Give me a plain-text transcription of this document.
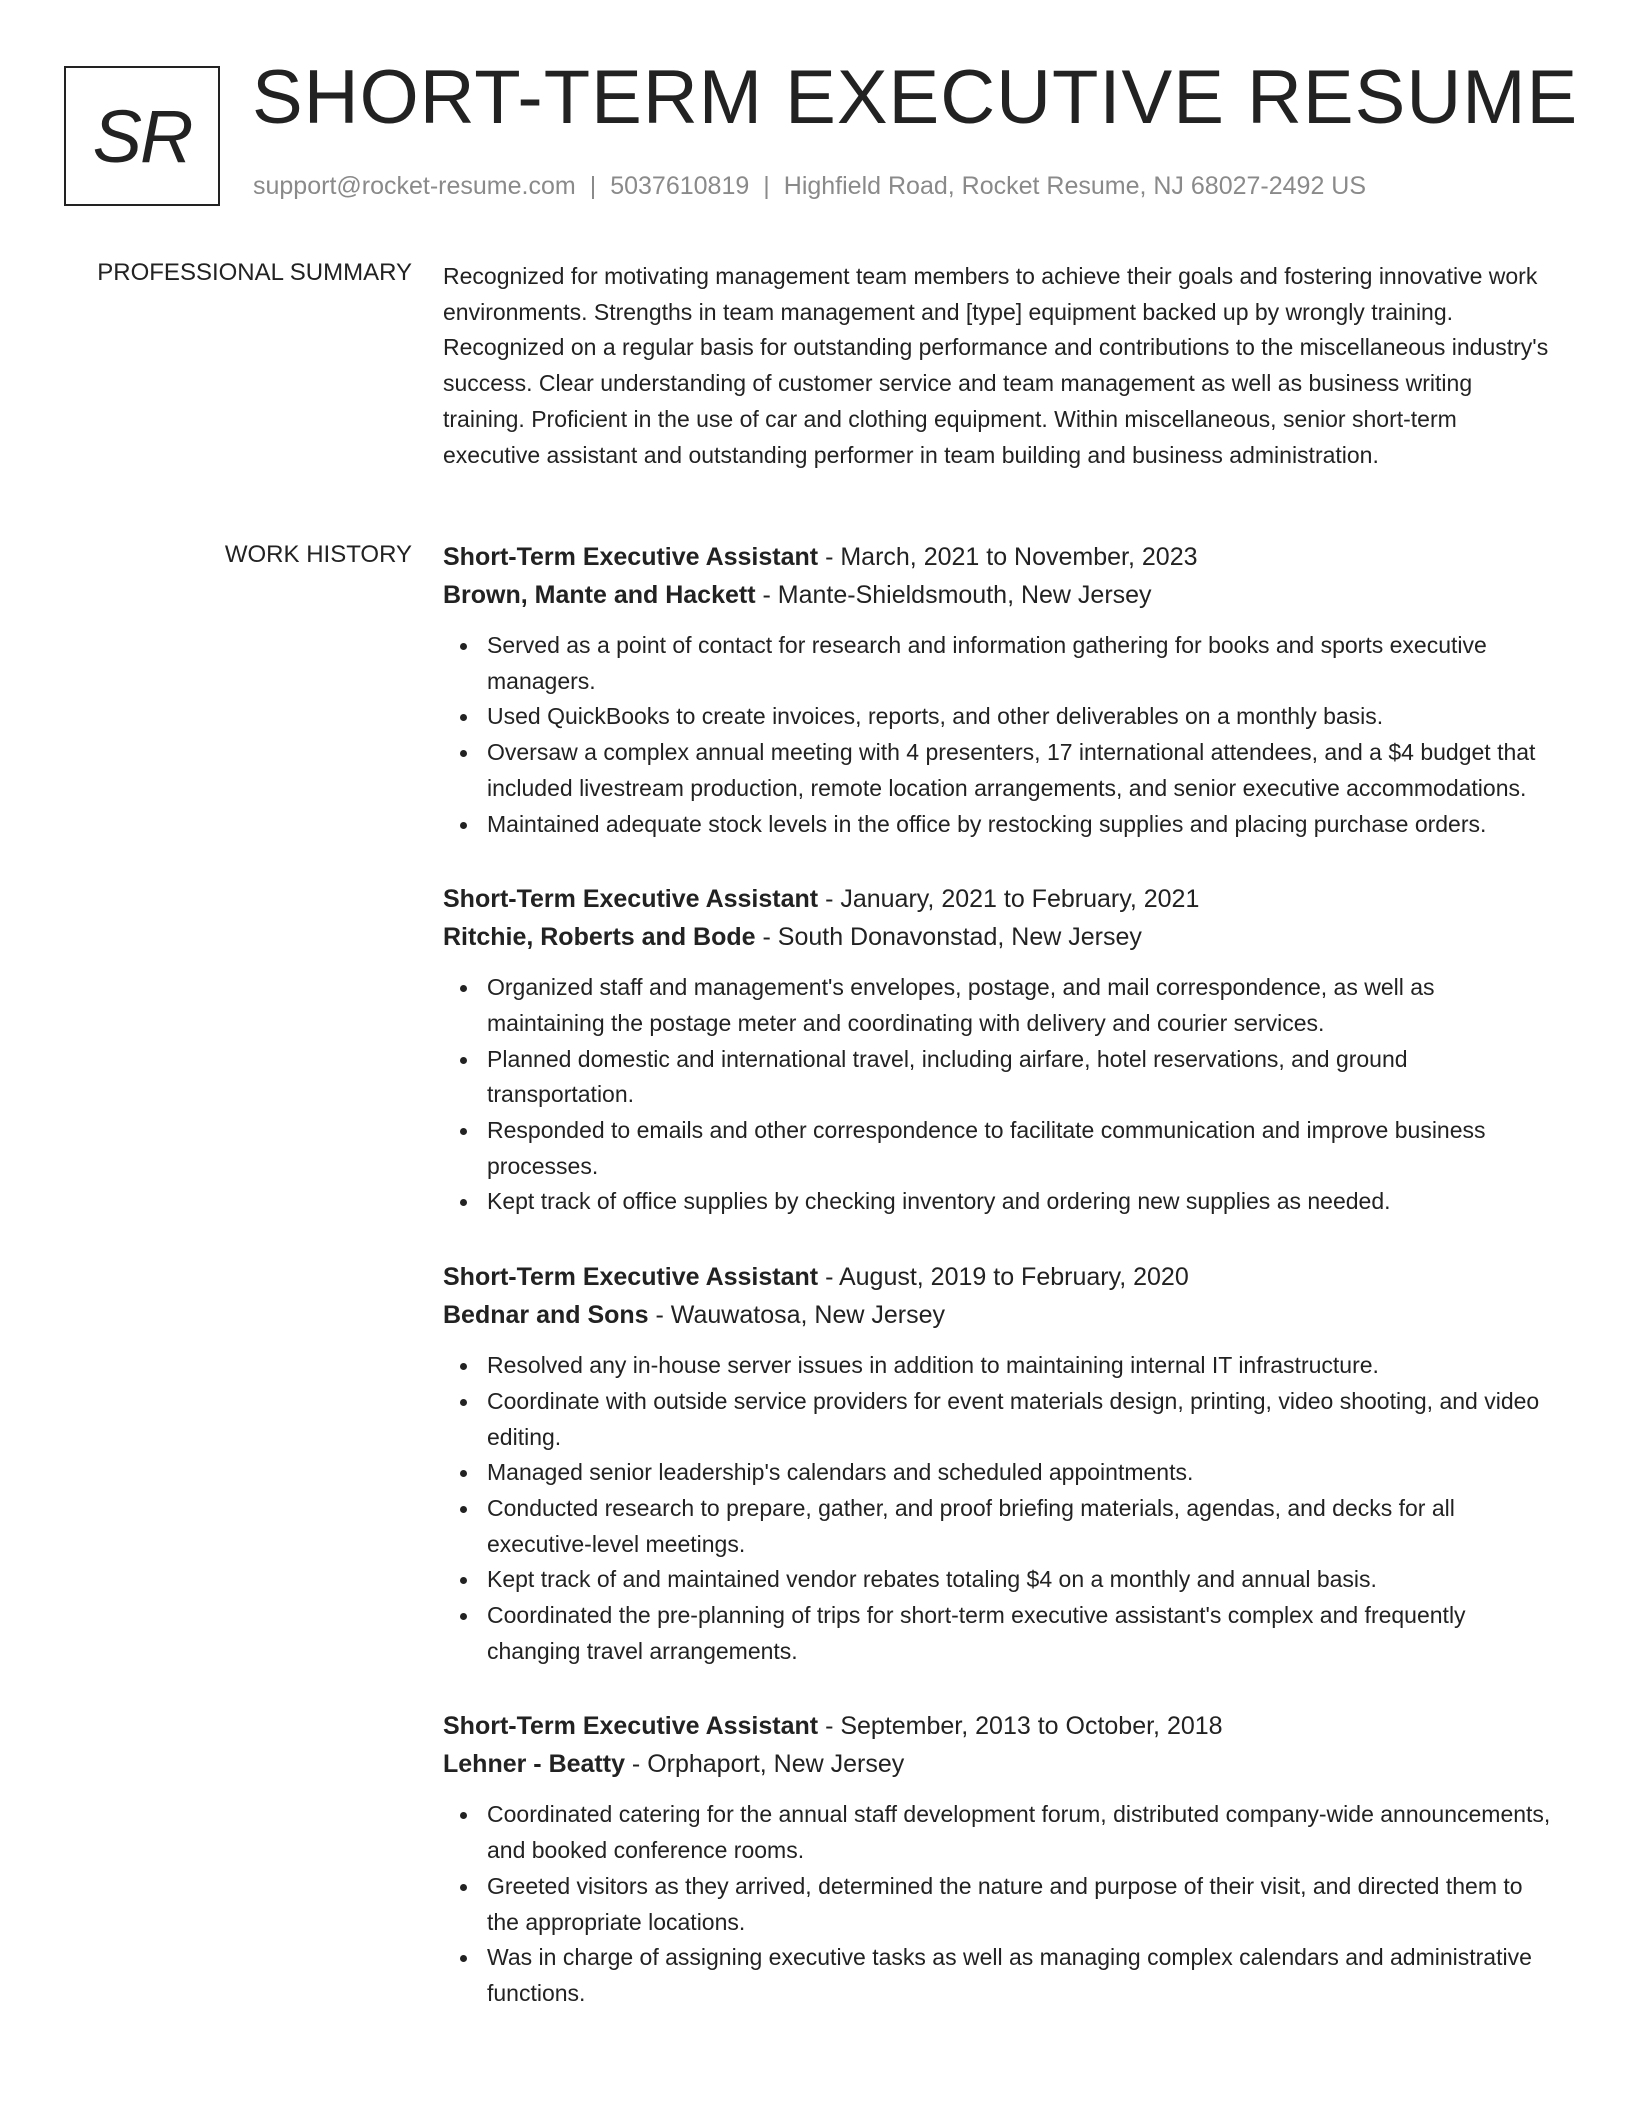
SR SHORT-TERM EXECUTIVE RESUME
support@rocket-resume.com | 5037610819 | Highfield Road, Rocket Resume, NJ 68027-2492 US
PROFESSIONAL SUMMARY Recognized for motivating management team members to achieve their goals and fostering innovative work environments. Strengths in team management and [type] equipment backed up by wrongly training. Recognized on a regular basis for outstanding performance and contributions to the miscellaneous industry's success. Clear understanding of customer service and team management as well as business writing training. Proficient in the use of car and clothing equipment. Within miscellaneous, senior short-term executive assistant and outstanding performer in team building and business administration.

WORK HISTORY Short-Term Executive Assistant - March, 2021 to November, 2023
Brown, Mante and Hackett - Mante-Shieldsmouth, New Jersey
Served as a point of contact for research and information gathering for books and sports executive managers.
Used QuickBooks to create invoices, reports, and other deliverables on a monthly basis.
Oversaw a complex annual meeting with 4 presenters, 17 international attendees, and a $4 budget that included livestream production, remote location arrangements, and senior executive accommodations.
Maintained adequate stock levels in the office by restocking supplies and placing purchase orders.
Short-Term Executive Assistant - January, 2021 to February, 2021
Ritchie, Roberts and Bode - South Donavonstad, New Jersey
Organized staff and management's envelopes, postage, and mail correspondence, as well as maintaining the postage meter and coordinating with delivery and courier services.
Planned domestic and international travel, including airfare, hotel reservations, and ground transportation.
Responded to emails and other correspondence to facilitate communication and improve business processes.
Kept track of office supplies by checking inventory and ordering new supplies as needed.
Short-Term Executive Assistant - August, 2019 to February, 2020
Bednar and Sons - Wauwatosa, New Jersey
Resolved any in-house server issues in addition to maintaining internal IT infrastructure.
Coordinate with outside service providers for event materials design, printing, video shooting, and video editing.
Managed senior leadership's calendars and scheduled appointments.
Conducted research to prepare, gather, and proof briefing materials, agendas, and decks for all executive-level meetings.
Kept track of and maintained vendor rebates totaling $4 on a monthly and annual basis.
Coordinated the pre-planning of trips for short-term executive assistant's complex and frequently changing travel arrangements.
Short-Term Executive Assistant - September, 2013 to October, 2018
Lehner - Beatty - Orphaport, New Jersey
Coordinated catering for the annual staff development forum, distributed company-wide announcements, and booked conference rooms.
Greeted visitors as they arrived, determined the nature and purpose of their visit, and directed them to the appropriate locations.
Was in charge of assigning executive tasks as well as managing complex calendars and administrative functions.
